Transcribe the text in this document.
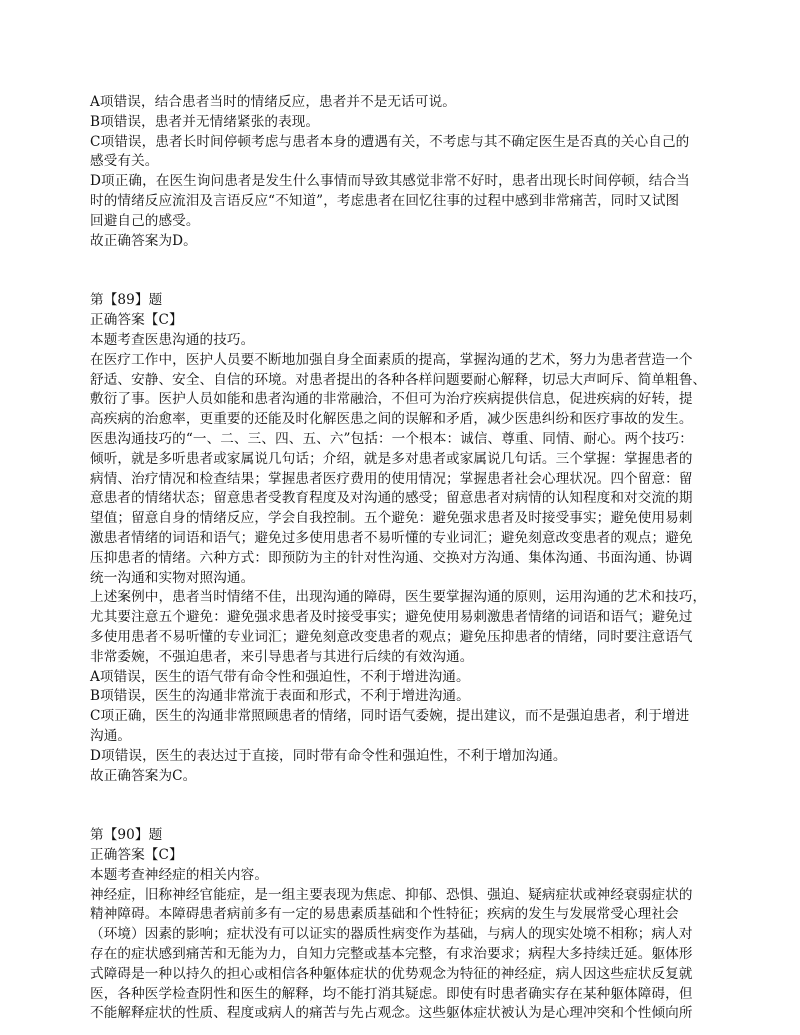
A项错误，结合患者当时的情绪反应，患者并不是无话可说。
B项错误，患者并无情绪紧张的表现。
C项错误，患者长时间停顿考虑与患者本身的遭遇有关，不考虑与其不确定医生是否真的关心自己的
感受有关。
D项正确，在医生询问患者是发生什么事情而导致其感觉非常不好时，患者出现长时间停顿，结合当
时的情绪反应流泪及言语反应“不知道”，考虑患者在回忆往事的过程中感到非常痛苦，同时又试图
回避自己的感受。
故正确答案为D。
第【89】题
正确答案【C】
本题考查医患沟通的技巧。
在医疗工作中，医护人员要不断地加强自身全面素质的提高，掌握沟通的艺术，努力为患者营造一个
舒适、安静、安全、自信的环境。对患者提出的各种各样问题要耐心解释，切忌大声呵斥、简单粗鲁、
敷衍了事。医护人员如能和患者沟通的非常融洽，不但可为治疗疾病提供信息，促进疾病的好转，提
高疾病的治愈率，更重要的还能及时化解医患之间的误解和矛盾，减少医患纠纷和医疗事故的发生。
医患沟通技巧的“一、二、三、四、五、六”包括：一个根本：诚信、尊重、同情、耐心。两个技巧：
倾听，就是多听患者或家属说几句话；介绍，就是多对患者或家属说几句话。三个掌握：掌握患者的
病情、治疗情况和检查结果；掌握患者医疗费用的使用情况；掌握患者社会心理状况。四个留意：留
意患者的情绪状态；留意患者受教育程度及对沟通的感受；留意患者对病情的认知程度和对交流的期
望值；留意自身的情绪反应，学会自我控制。五个避免：避免强求患者及时接受事实；避免使用易刺
激患者情绪的词语和语气；避免过多使用患者不易听懂的专业词汇；避免刻意改变患者的观点；避免
压抑患者的情绪。六种方式：即预防为主的针对性沟通、交换对方沟通、集体沟通、书面沟通、协调
统一沟通和实物对照沟通。
上述案例中，患者当时情绪不佳，出现沟通的障碍，医生要掌握沟通的原则，运用沟通的艺术和技巧，
尤其要注意五个避免：避免强求患者及时接受事实；避免使用易刺激患者情绪的词语和语气；避免过
多使用患者不易听懂的专业词汇；避免刻意改变患者的观点；避免压抑患者的情绪，同时要注意语气
非常委婉，不强迫患者，来引导患者与其进行后续的有效沟通。
A项错误，医生的语气带有命令性和强迫性，不利于增进沟通。
B项错误，医生的沟通非常流于表面和形式，不利于增进沟通。
C项正确，医生的沟通非常照顾患者的情绪，同时语气委婉，提出建议，而不是强迫患者，利于增进
沟通。
D项错误，医生的表达过于直接，同时带有命令性和强迫性，不利于增加沟通。
故正确答案为C。
第【90】题
正确答案【C】
本题考查神经症的相关内容。
神经症，旧称神经官能症，是一组主要表现为焦虑、抑郁、恐惧、强迫、疑病症状或神经衰弱症状的
精神障碍。本障碍患者病前多有一定的易患素质基础和个性特征；疾病的发生与发展常受心理社会
（环境）因素的影响；症状没有可以证实的器质性病变作为基础，与病人的现实处境不相称；病人对
存在的症状感到痛苦和无能为力，自知力完整或基本完整，有求治要求；病程大多持续迁延。躯体形
式障碍是一种以持久的担心或相信各种躯体症状的优势观念为特征的神经症，病人因这些症状反复就
医，各种医学检查阴性和医生的解释，均不能打消其疑虑。即使有时患者确实存在某种躯体障碍，但
不能解释症状的性质、程度或病人的痛苦与先占观念。这些躯体症状被认为是心理冲突和个性倾向所
